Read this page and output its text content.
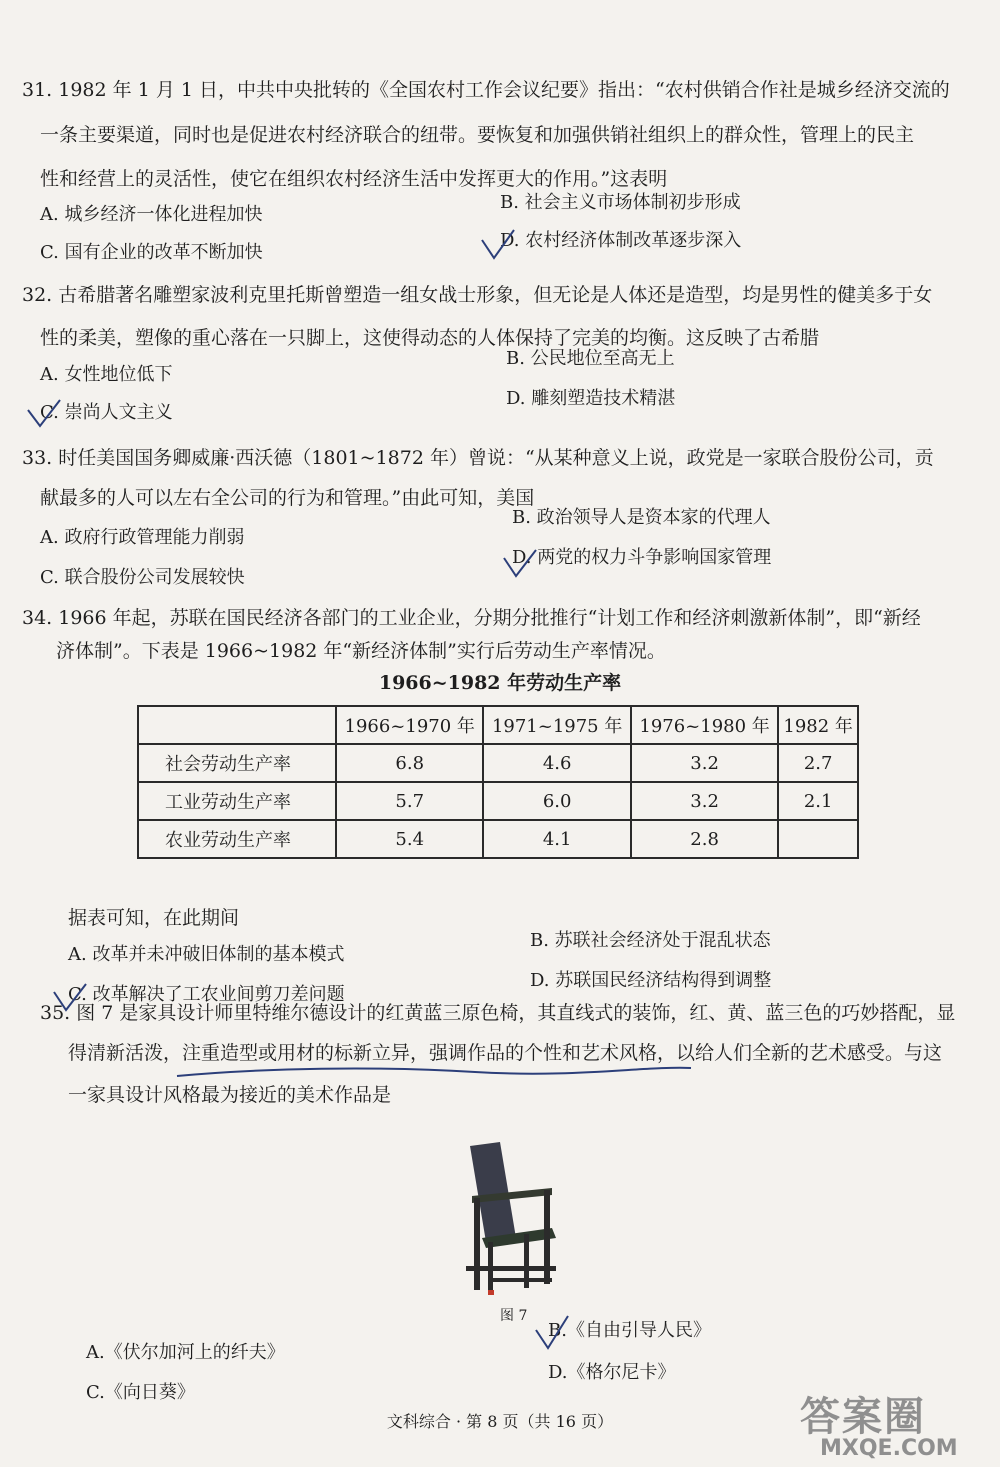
31. 1982 年 1 月 1 日，中共中央批转的《全国农村工作会议纪要》指出：“农村供销合作社是城乡经济交流的
一条主要渠道，同时也是促进农村经济联合的纽带。要恢复和加强供销社组织上的群众性，管理上的民主
性和经营上的灵活性，使它在组织农村经济生活中发挥更大的作用。”这表明
A. 城乡经济一体化进程加快
B. 社会主义市场体制初步形成
C. 国有企业的改革不断加快
D. 农村经济体制改革逐步深入
32. 古希腊著名雕塑家波利克里托斯曾塑造一组女战士形象，但无论是人体还是造型，均是男性的健美多于女
性的柔美，塑像的重心落在一只脚上，这使得动态的人体保持了完美的均衡。这反映了古希腊
A. 女性地位低下
B. 公民地位至高无上
C. 崇尚人文主义
D. 雕刻塑造技术精湛
33. 时任美国国务卿威廉·西沃德（1801~1872 年）曾说：“从某种意义上说，政党是一家联合股份公司，贡
献最多的人可以左右全公司的行为和管理。”由此可知，美国
A. 政府行政管理能力削弱
B. 政治领导人是资本家的代理人
C. 联合股份公司发展较快
D. 两党的权力斗争影响国家管理
34. 1966 年起，苏联在国民经济各部门的工业企业，分期分批推行“计划工作和经济刺激新体制”，即“新经
济体制”。下表是 1966~1982 年“新经济体制”实行后劳动生产率情况。
1966~1982 年劳动生产率
	1966~1970 年	1971~1975 年	1976~1980 年	1982 年
社会劳动生产率	6.8	4.6	3.2	2.7
工业劳动生产率	5.7	6.0	3.2	2.1
农业劳动生产率	5.4	4.1	2.8	
据表可知，在此期间
A. 改革并未冲破旧体制的基本模式
B. 苏联社会经济处于混乱状态
C. 改革解决了工农业间剪刀差问题
D. 苏联国民经济结构得到调整
35. 图 7 是家具设计师里特维尔德设计的红黄蓝三原色椅，其直线式的装饰，红、黄、蓝三色的巧妙搭配，显
得清新活泼，注重造型或用材的标新立异，强调作品的个性和艺术风格，以给人们全新的艺术感受。与这
一家具设计风格最为接近的美术作品是
图 7
A.《伏尔加河上的纤夫》
B.《自由引导人民》
C.《向日葵》
D.《格尔尼卡》
文科综合 · 第 8 页（共 16 页）	答案圈
MXQE.COM
